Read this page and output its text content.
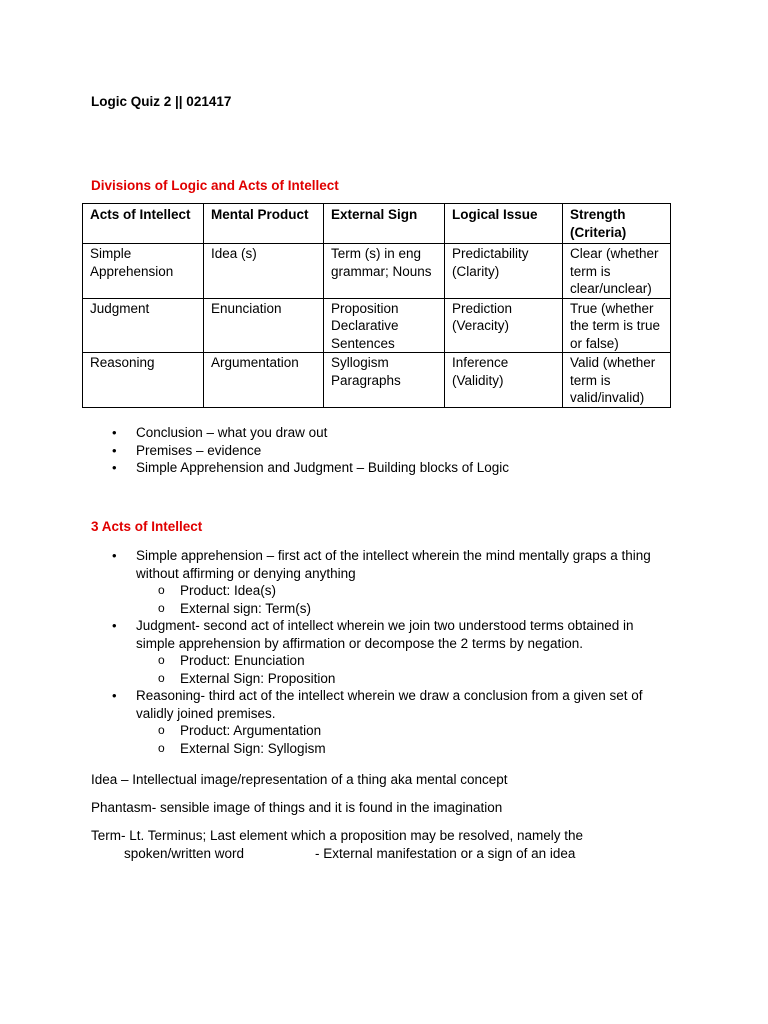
Logic Quiz 2 || 021417
Divisions of Logic and Acts of Intellect
Acts of Intellect	Mental Product	External Sign	Logical Issue	Strength (Criteria)
Simple Apprehension	Idea (s)	Term (s) in eng grammar; Nouns	Predictability (Clarity)	Clear (whether term is clear/unclear)
Judgment	Enunciation	Proposition Declarative Sentences	Prediction (Veracity)	True (whether the term is true or false)
Reasoning	Argumentation	Syllogism Paragraphs	Inference (Validity)	Valid (whether term is valid/invalid)
• Conclusion – what you draw out
• Premises – evidence
• Simple Apprehension and Judgment – Building blocks of Logic
3 Acts of Intellect
• Simple apprehension – first act of the intellect wherein the mind mentally graps a thing without affirming or denying anything
o Product: Idea(s)
o External sign: Term(s)
• Judgment- second act of intellect wherein we join two understood terms obtained in simple apprehension by affirmation or decompose the 2 terms by negation.
o Product: Enunciation
o External Sign: Proposition
• Reasoning- third act of the intellect wherein we draw a conclusion from a given set of validly joined premises.
o Product: Argumentation
o External Sign: Syllogism
Idea – Intellectual image/representation of a thing aka mental concept
Phantasm- sensible image of things and it is found in the imagination
Term- Lt. Terminus; Last element which a proposition may be resolved, namely the
spoken/written word	- External manifestation or a sign of an idea
